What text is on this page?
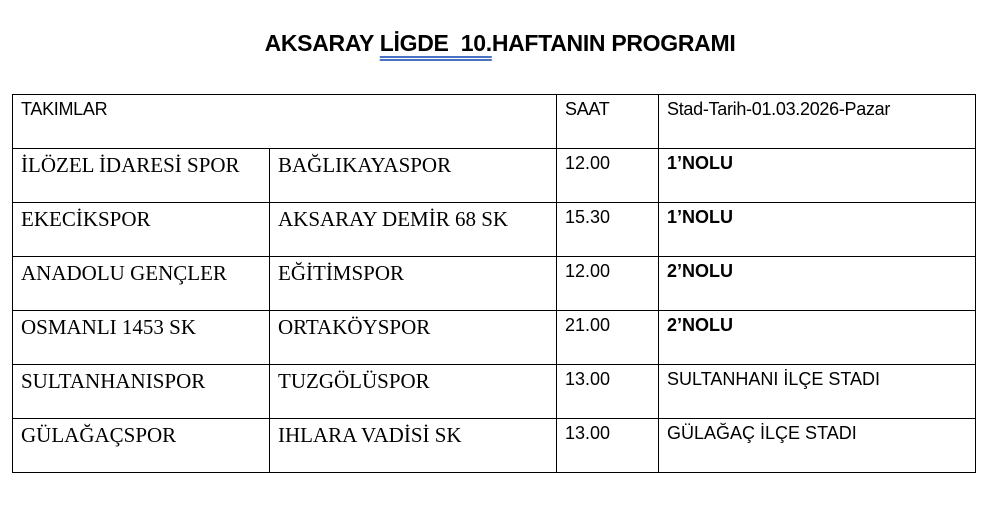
AKSARAY LİGDE  10.HAFTANIN PROGRAMI
TAKIMLAR		SAAT	Stad-Tarih-01.03.2026-Pazar
İLÖZEL İDARESİ SPOR	BAĞLIKAYASPOR	12.00	1’NOLU
EKECİKSPOR	AKSARAY DEMİR 68 SK	15.30	1’NOLU
ANADOLU GENÇLER	EĞİTİMSPOR	12.00	2’NOLU
OSMANLI 1453 SK	ORTAKÖYSPOR	21.00	2’NOLU
SULTANHANISPOR	TUZGÖLÜSPOR	13.00	SULTANHANI İLÇE STADI
GÜLAĞAÇSPOR	IHLARA VADİSİ SK	13.00	GÜLAĞAÇ İLÇE STADI
